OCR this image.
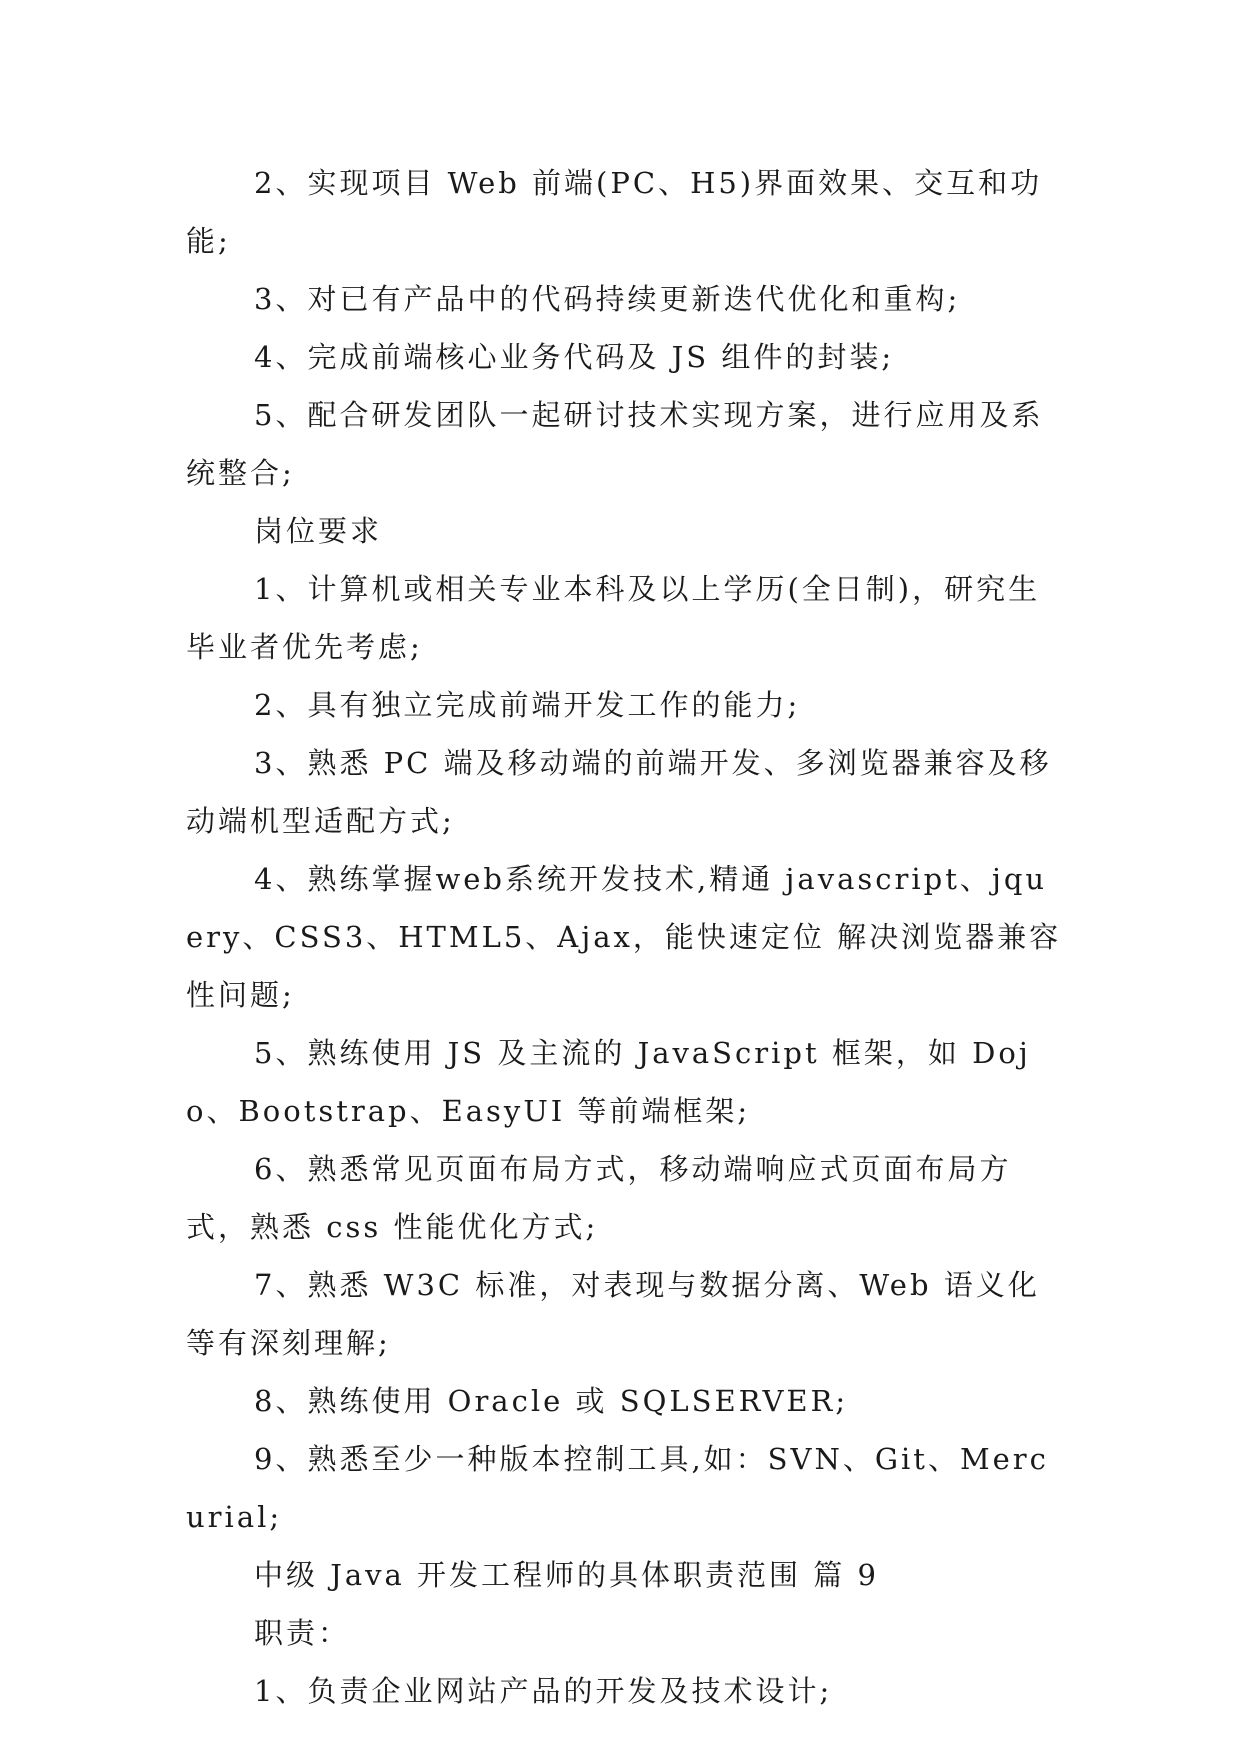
2、实现项目 Web 前端(PC、H5)界面效果、交互和功能;

3、对已有产品中的代码持续更新迭代优化和重构;

4、完成前端核心业务代码及 JS 组件的封装;

5、配合研发团队一起研讨技术实现方案，进行应用及系统整合;

岗位要求

1、计算机或相关专业本科及以上学历(全日制)，研究生毕业者优先考虑;

2、具有独立完成前端开发工作的能力;

3、熟悉 PC 端及移动端的前端开发、多浏览器兼容及移动端机型适配方式;

4、熟练掌握web系统开发技术,精通 javascript、jquery、CSS3、HTML5、Ajax，能快速定位 解决浏览器兼容性问题;

5、熟练使用 JS 及主流的 JavaScript 框架，如 Dojo、Bootstrap、EasyUI 等前端框架;

6、熟悉常见页面布局方式，移动端响应式页面布局方式，熟悉 css 性能优化方式;

7、熟悉 W3C 标准，对表现与数据分离、Web 语义化等有深刻理解;

8、熟练使用 Oracle 或 SQLSERVER;

9、熟悉至少一种版本控制工具,如：SVN、Git、Mercurial;

中级 Java 开发工程师的具体职责范围 篇 9

职责：

1、负责企业网站产品的开发及技术设计;
